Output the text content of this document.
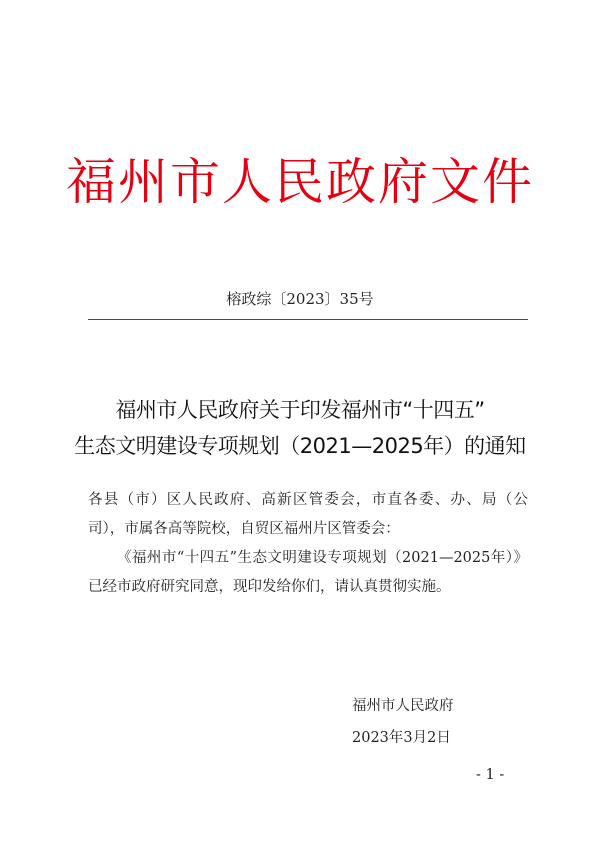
福州市人民政府文件
榕政综〔2023〕35号
福州市人民政府关于印发福州市“十四五”
生态文明建设专项规划（2021—2025年）的通知

各县（市）区人民政府、高新区管委会，市直各委、办、局（公司），市属各高等院校，自贸区福州片区管委会：

《福州市“十四五”生态文明建设专项规划（2021—2025年）》已经市政府研究同意，现印发给你们，请认真贯彻实施。

福州市人民政府
2023年3月2日
- 1 -
